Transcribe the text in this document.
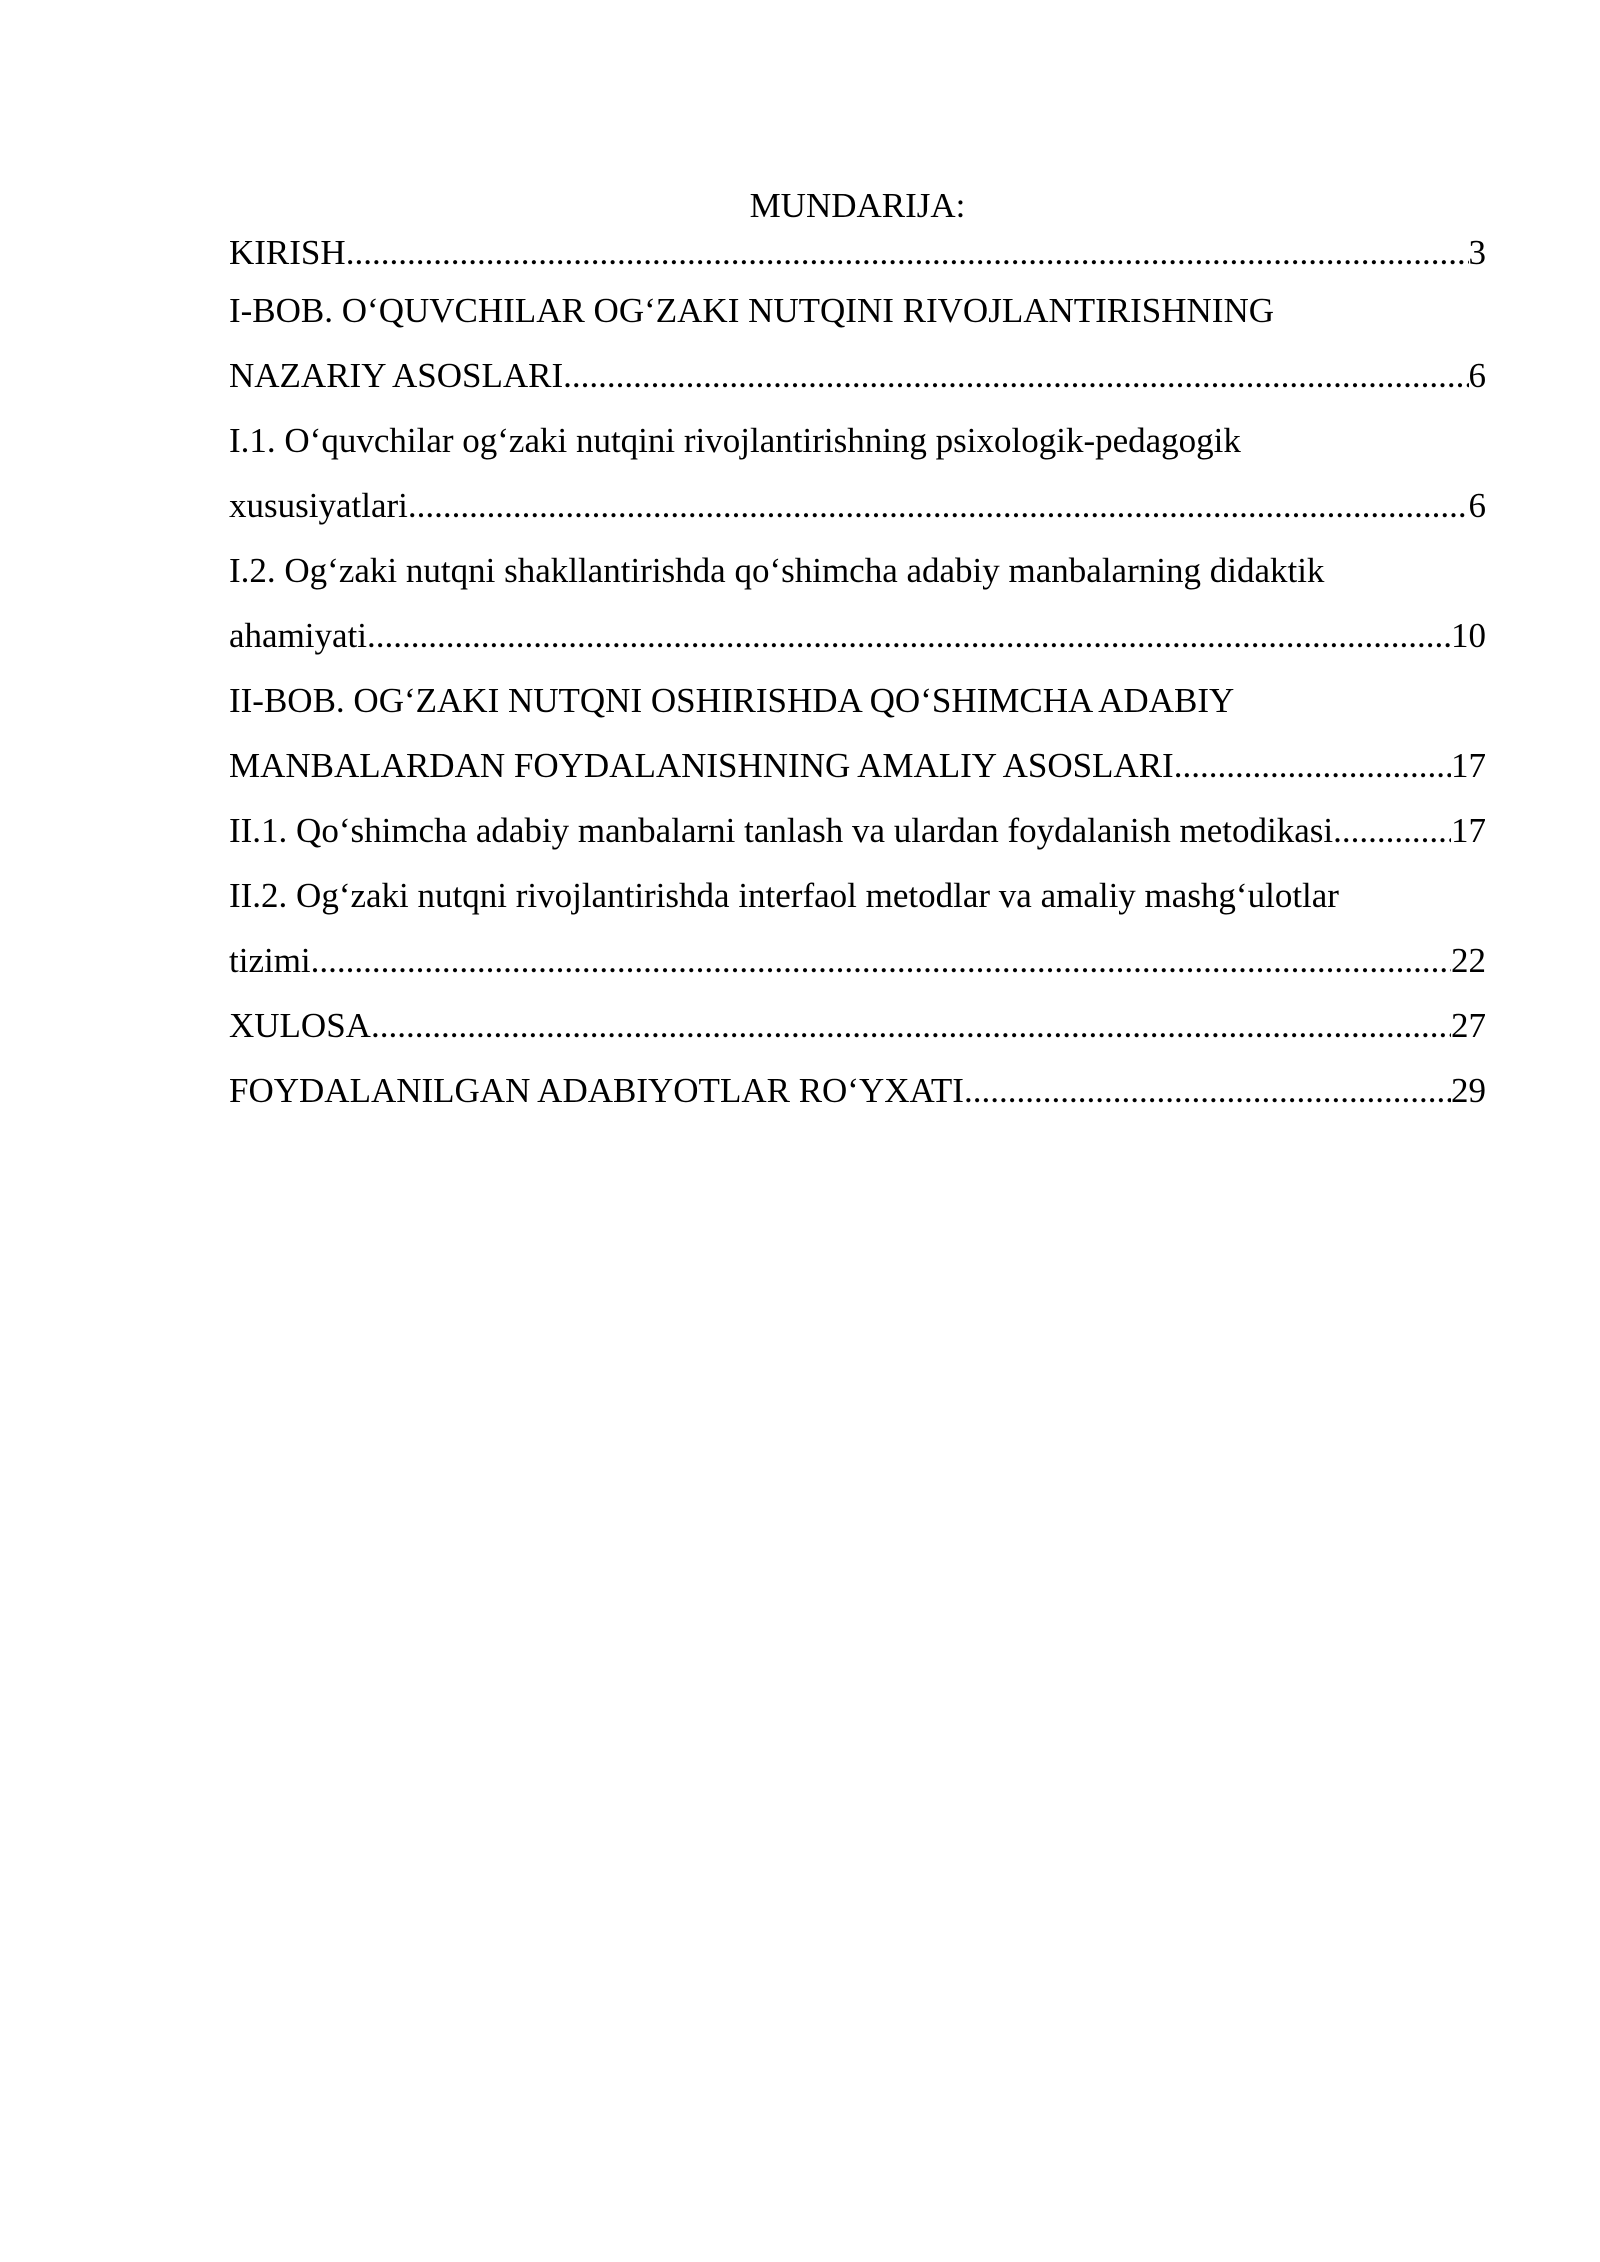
MUNDARIJA:
KIRISH .....	3
I-BOB. O‘QUVCHILAR OG‘ZAKI NUTQINI RIVOJLANTIRISHNING
NAZARIY ASOSLARI .....	6
I.1. O‘quvchilar og‘zaki nutqini rivojlantirishning psixologik-pedagogik
xususiyatlari .....	6
I.2. Og‘zaki nutqni shakllantirishda qo‘shimcha adabiy manbalarning didaktik
ahamiyati .....	10
II-BOB. OG‘ZAKI NUTQNI OSHIRISHDA QO‘SHIMCHA ADABIY
MANBALARDAN FOYDALANISHNING AMALIY ASOSLARI .....	17
II.1. Qo‘shimcha adabiy manbalarni tanlash va ulardan foydalanish metodikasi .....	17
II.2. Og‘zaki nutqni rivojlantirishda interfaol metodlar va amaliy mashg‘ulotlar
tizimi .....	22
XULOSA .....	27
FOYDALANILGAN ADABIYOTLAR RO‘YXATI .....	29
